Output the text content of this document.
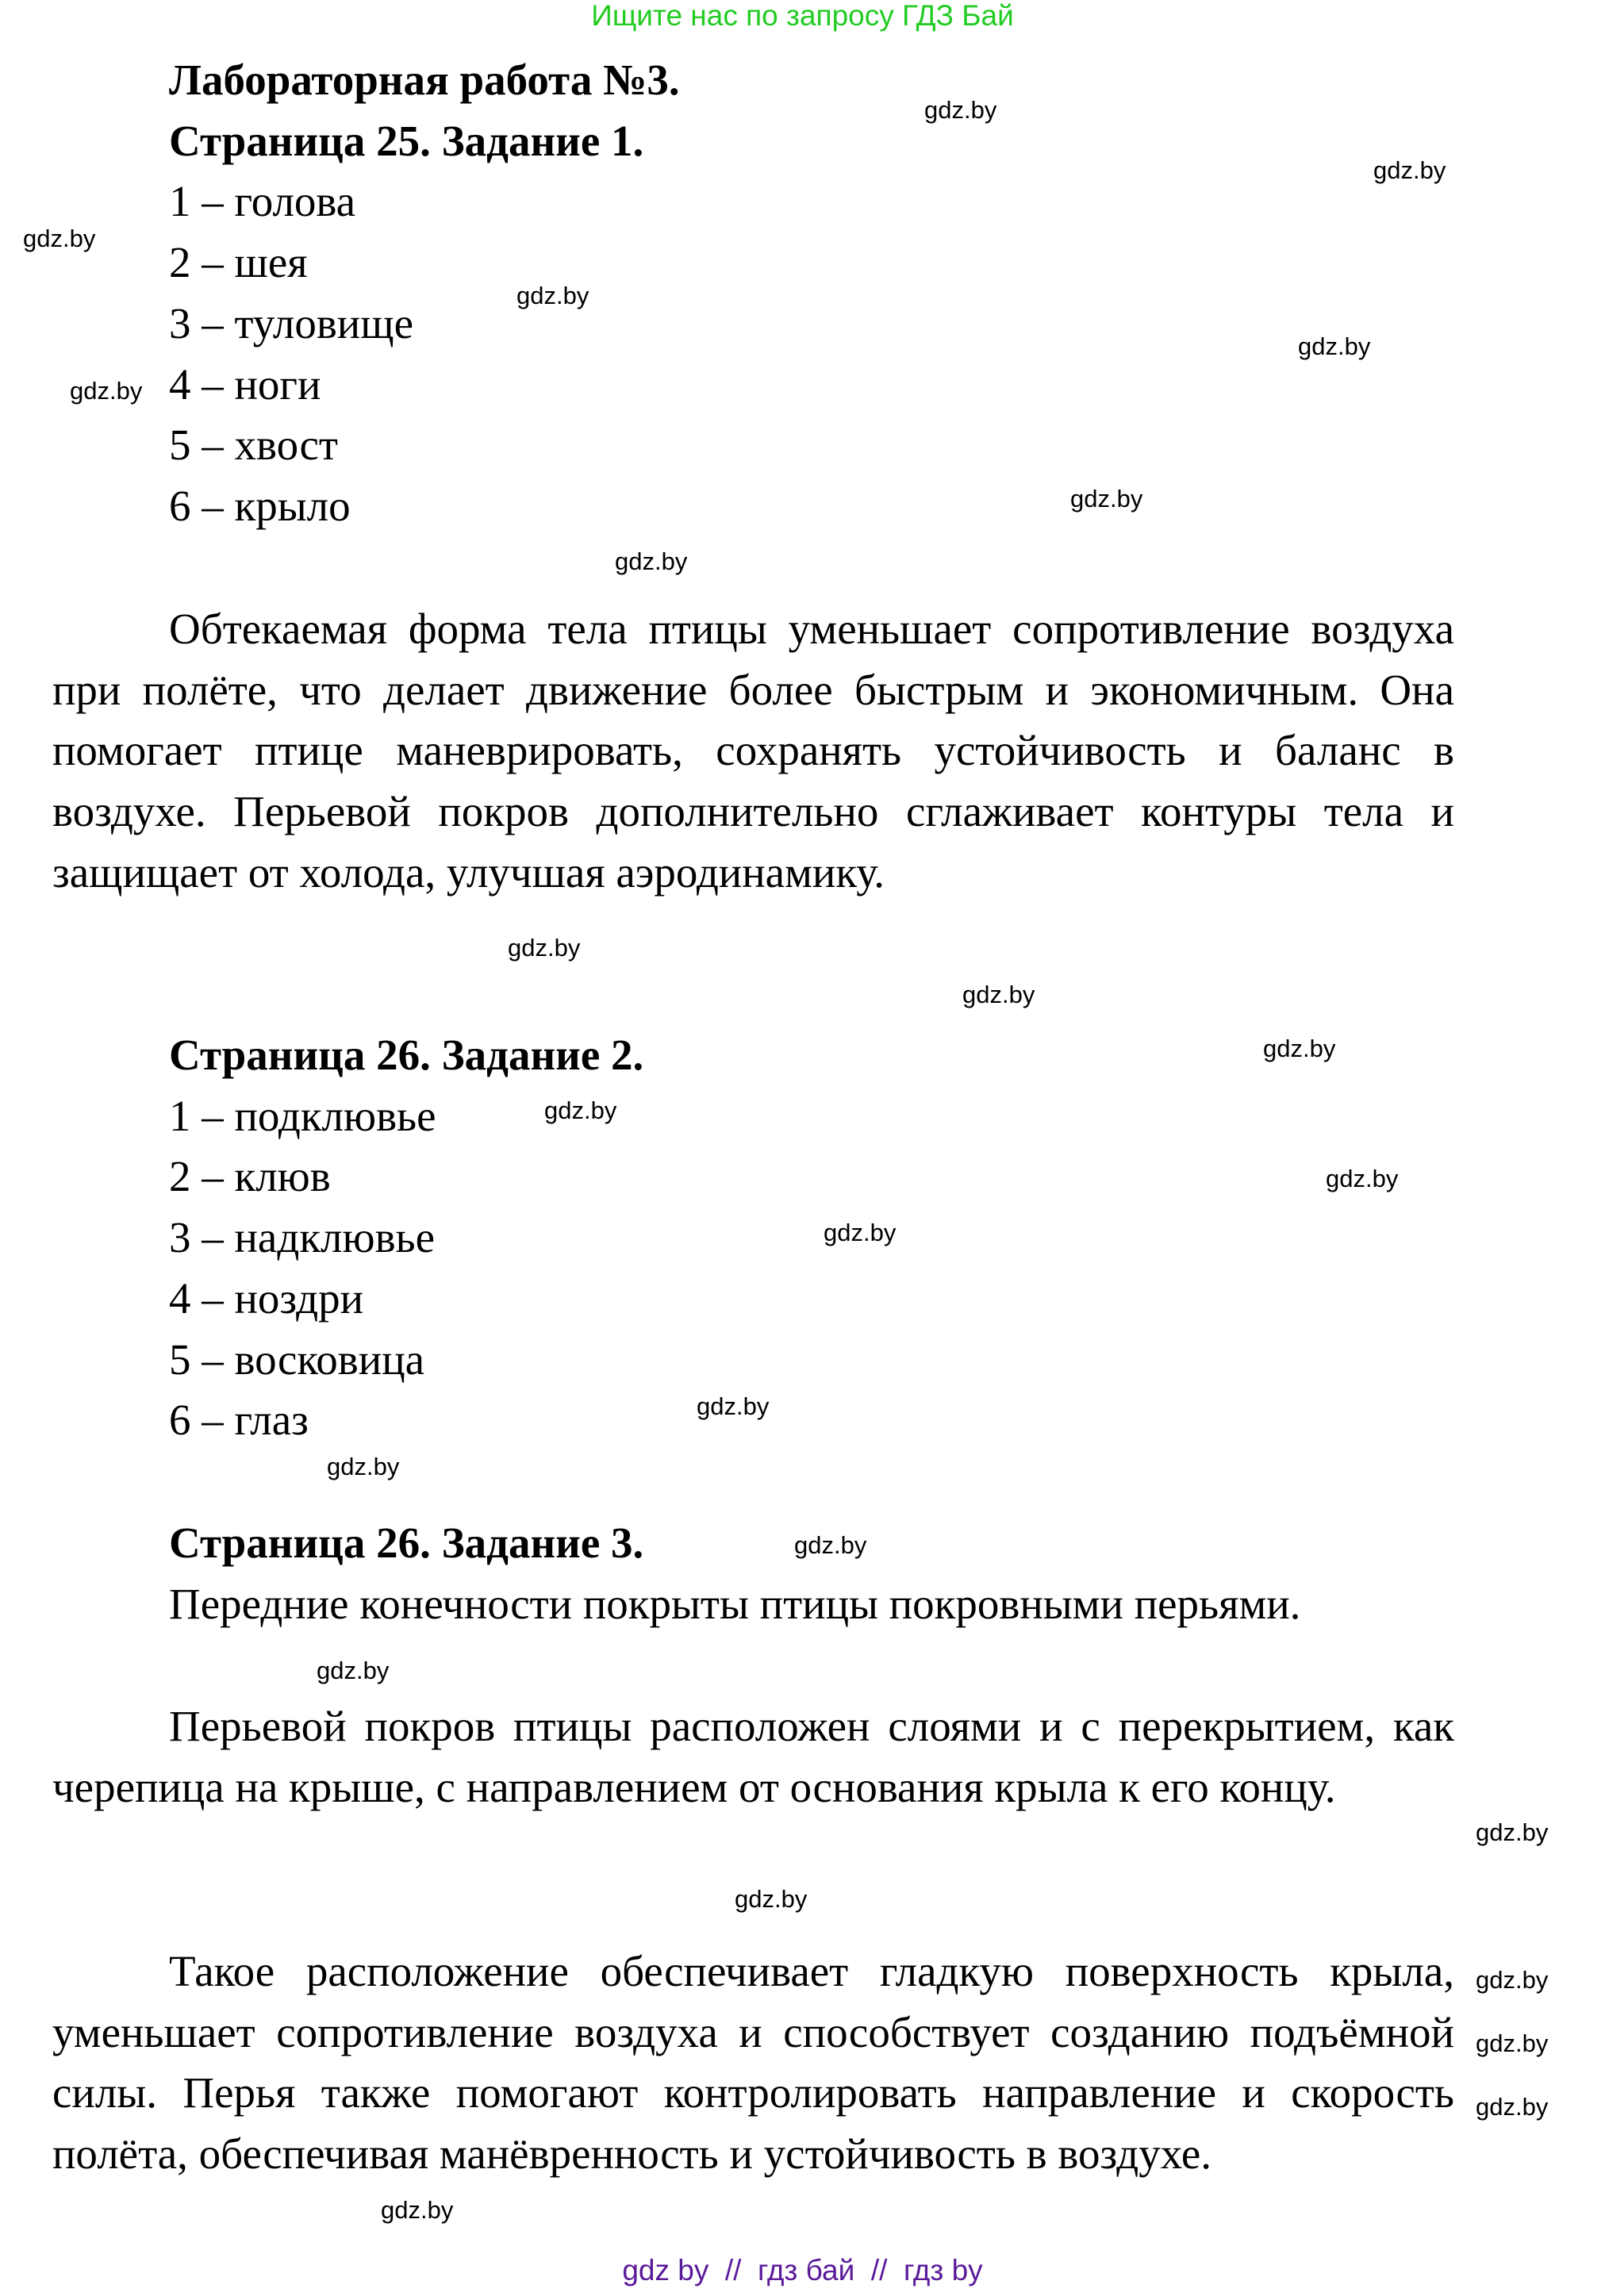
Ищите нас по запросу ГДЗ Бай
Лабораторная работа №3.
Страница 25. Задание 1.
1 – голова
2 – шея
3 – туловище
4 – ноги
5 – хвост
6 – крыло
Обтекаемая форма тела птицы уменьшает сопротивление воздуха при полёте, что делает движение более быстрым и экономичным. Она помогает птице маневрировать, сохранять устойчивость и баланс в воздухе. Перьевой покров дополнительно сглаживает контуры тела и защищает от холода, улучшая аэродинамику.
Страница 26. Задание 2.
1 – подклювье
2 – клюв
3 – надклювье
4 – ноздри
5 – восковица
6 – глаз
Страница 26. Задание 3.
Передние конечности покрыты птицы покровными перьями.
Перьевой покров птицы расположен слоями и с перекрытием, как черепица на крыше, с направлением от основания крыла к его концу.
Такое расположение обеспечивает гладкую поверхность крыла, уменьшает сопротивление воздуха и способствует созданию подъёмной силы. Перья также помогают контролировать направление и скорость полёта, обеспечивая манёвренность и устойчивость в воздухе.
gdz.by
gdz.by
gdz.by
gdz.by
gdz.by
gdz.by
gdz.by
gdz.by
gdz.by
gdz.by
gdz.by
gdz.by
gdz.by
gdz.by
gdz.by
gdz.by
gdz.by
gdz.by
gdz.by
gdz.by
gdz.by
gdz.by
gdz.by
gdz.by
gdz by  //  гдз бай  //  гдз by
